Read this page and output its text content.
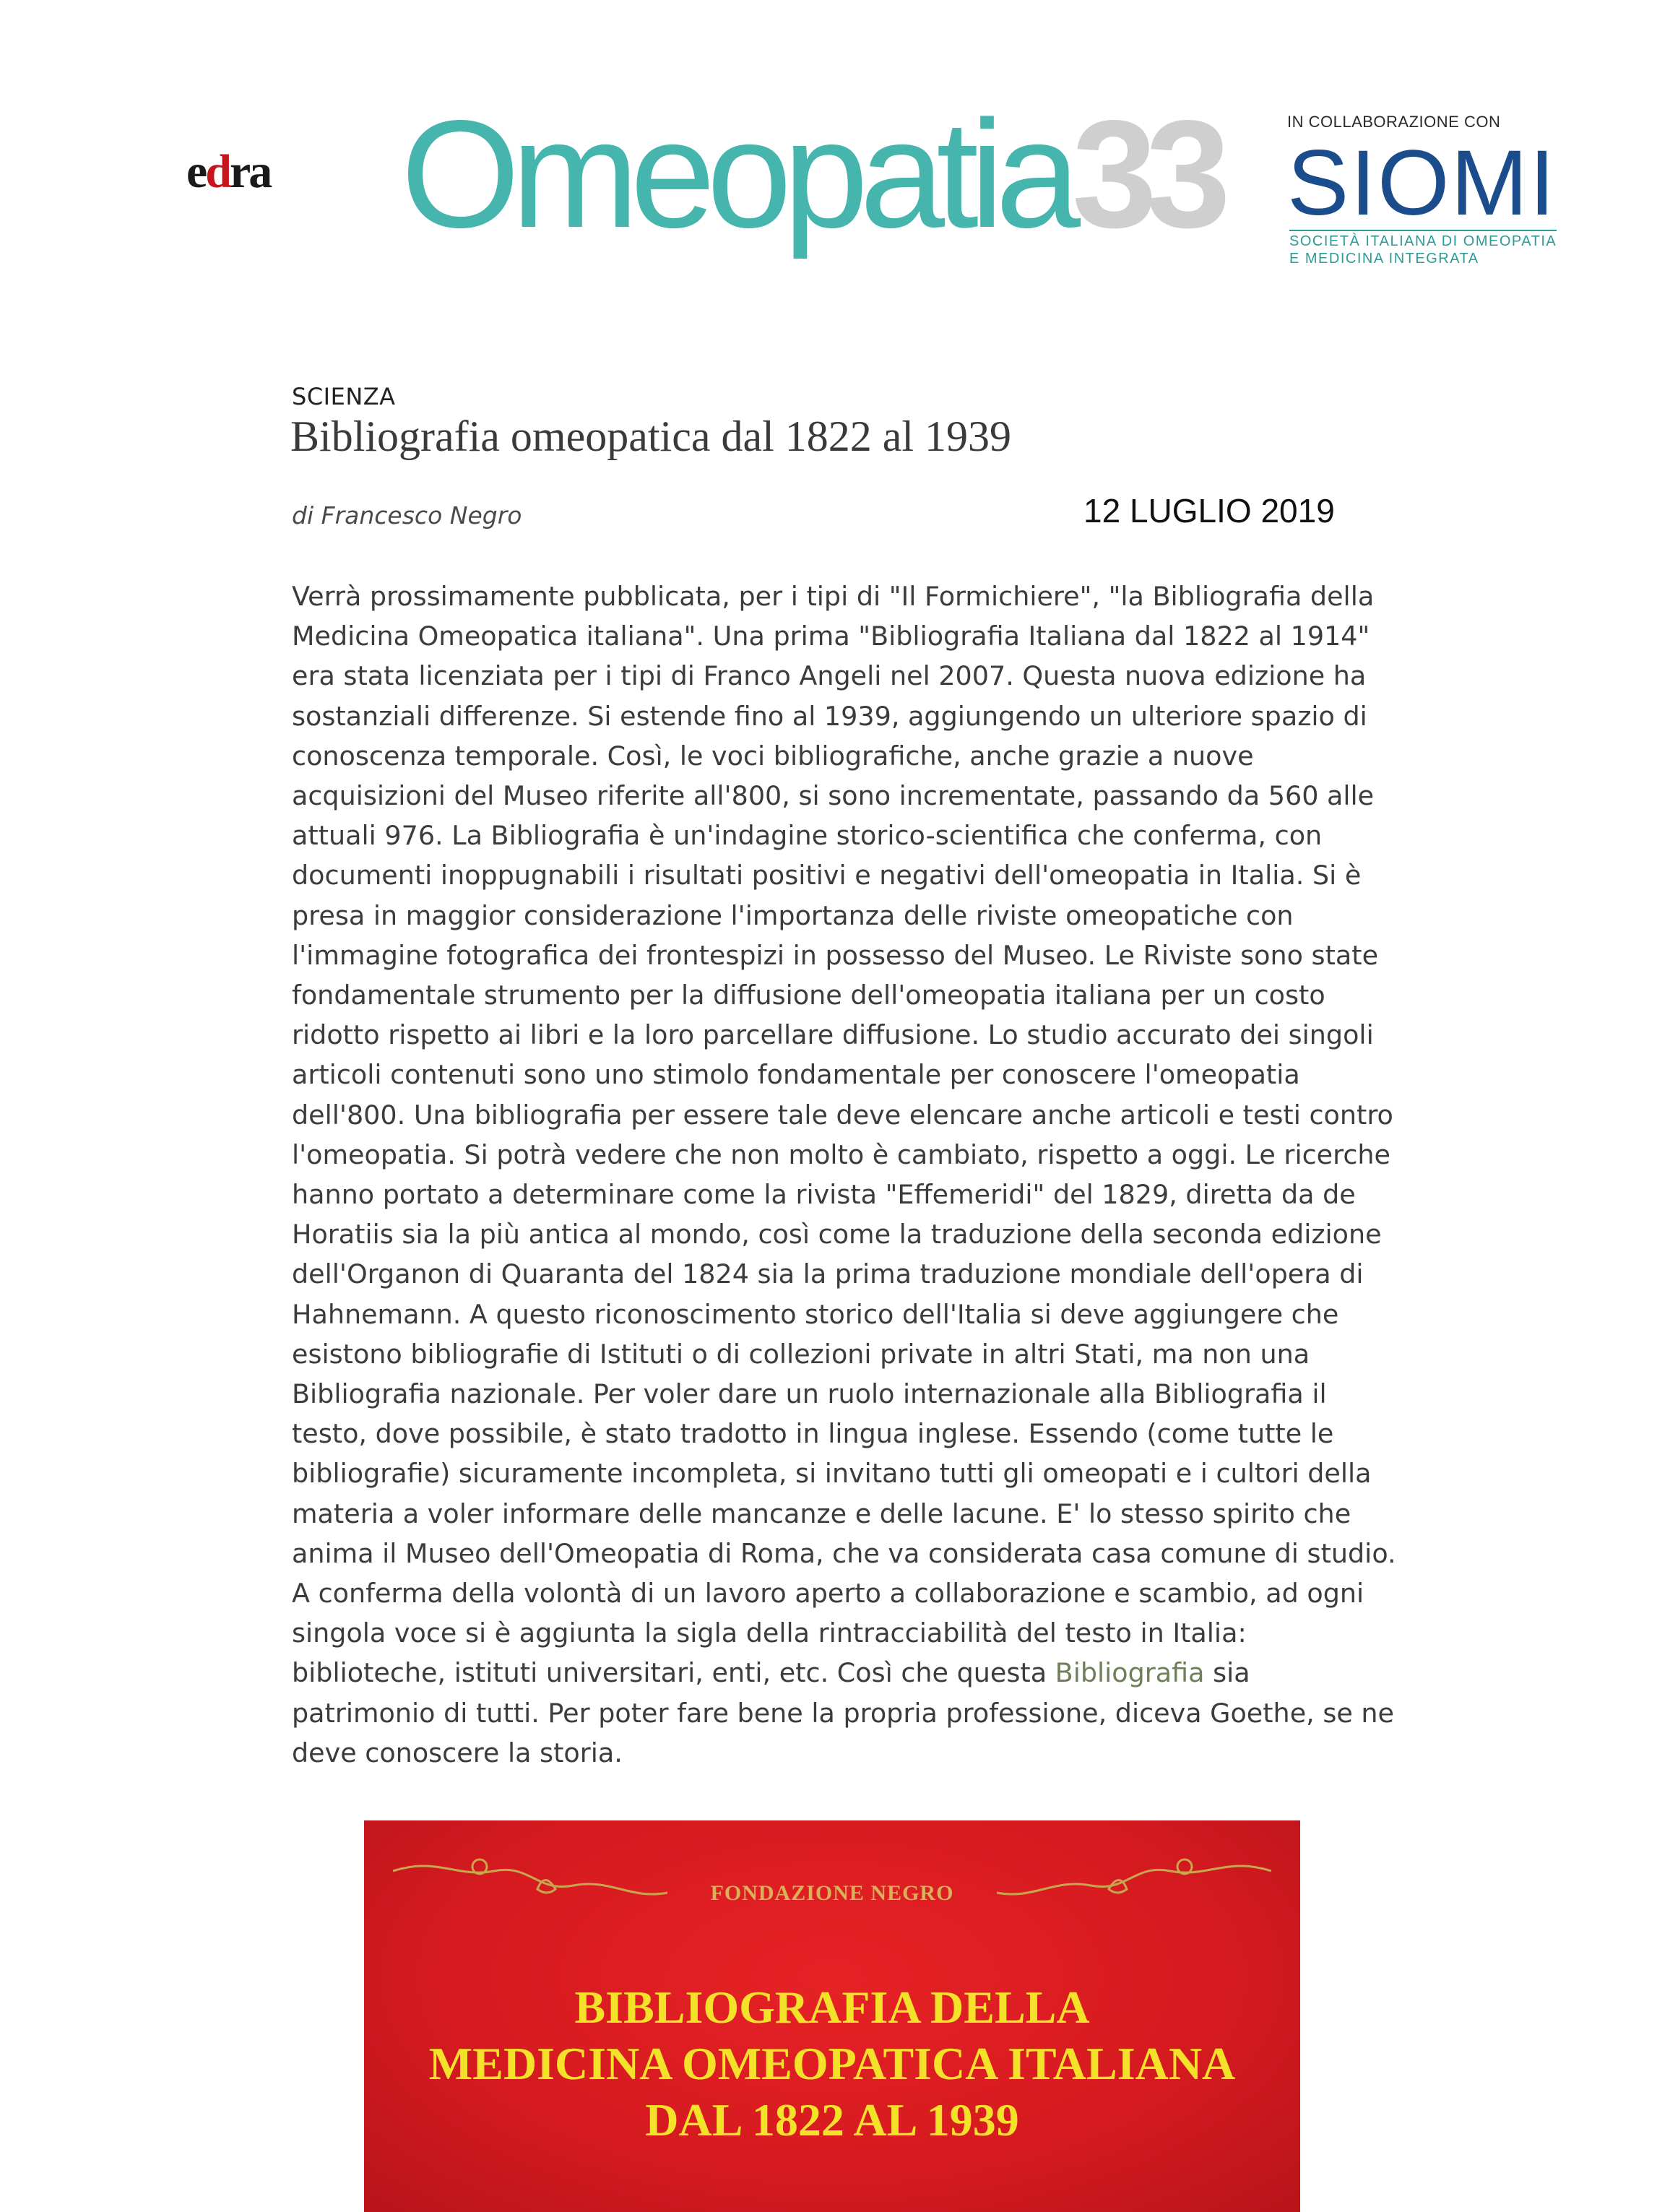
edra Omeopatia33	IN COLLABORAZIONE CON
SIOMI
SOCIETÀ ITALIANA DI OMEOPATIA
E MEDICINA INTEGRATA
SCIENZA
Bibliografia omeopatica dal 1822 al 1939
di Francesco Negro	12 LUGLIO 2019
Verrà prossimamente pubblicata, per i tipi di "Il Formichiere", "la Bibliografia della Medicina Omeopatica italiana". Una prima "Bibliografia Italiana dal 1822 al 1914" era stata licenziata per i tipi di Franco Angeli nel 2007. Questa nuova edizione ha sostanziali differenze. Si estende fino al 1939, aggiungendo un ulteriore spazio di conoscenza temporale. Così, le voci bibliografiche, anche grazie a nuove acquisizioni del Museo riferite all'800, si sono incrementate, passando da 560 alle attuali 976. La Bibliografia è un'indagine storico-scientifica che conferma, con documenti inoppugnabili i risultati positivi e negativi dell'omeopatia in Italia. Si è presa in maggior considerazione l'importanza delle riviste omeopatiche con l'immagine fotografica dei frontespizi in possesso del Museo. Le Riviste sono state fondamentale strumento per la diffusione dell'omeopatia italiana per un costo ridotto rispetto ai libri e la loro parcellare diffusione. Lo studio accurato dei singoli articoli contenuti sono uno stimolo fondamentale per conoscere l'omeopatia dell'800. Una bibliografia per essere tale deve elencare anche articoli e testi contro l'omeopatia. Si potrà vedere che non molto è cambiato, rispetto a oggi. Le ricerche hanno portato a determinare come la rivista "Effemeridi" del 1829, diretta da de Horatiis sia la più antica al mondo, così come la traduzione della seconda edizione dell'Organon di Quaranta del 1824 sia la prima traduzione mondiale dell'opera di Hahnemann. A questo riconoscimento storico dell'Italia si deve aggiungere che esistono bibliografie di Istituti o di collezioni private in altri Stati, ma non una Bibliografia nazionale. Per voler dare un ruolo internazionale alla Bibliografia il testo, dove possibile, è stato tradotto in lingua inglese. Essendo (come tutte le bibliografie) sicuramente incompleta, si invitano tutti gli omeopati e i cultori della materia a voler informare delle mancanze e delle lacune. E' lo stesso spirito che anima il Museo dell'Omeopatia di Roma, che va considerata casa comune di studio. A conferma della volontà di un lavoro aperto a collaborazione e scambio, ad ogni singola voce si è aggiunta la sigla della rintracciabilità del testo in Italia: biblioteche, istituti universitari, enti, etc. Così che questa Bibliografia sia patrimonio di tutti. Per poter fare bene la propria professione, diceva Goethe, se ne deve conoscere la storia.
FONDAZIONE NEGRO
BIBLIOGRAFIA DELLA
MEDICINA OMEOPATICA ITALIANA
DAL 1822 AL 1939
